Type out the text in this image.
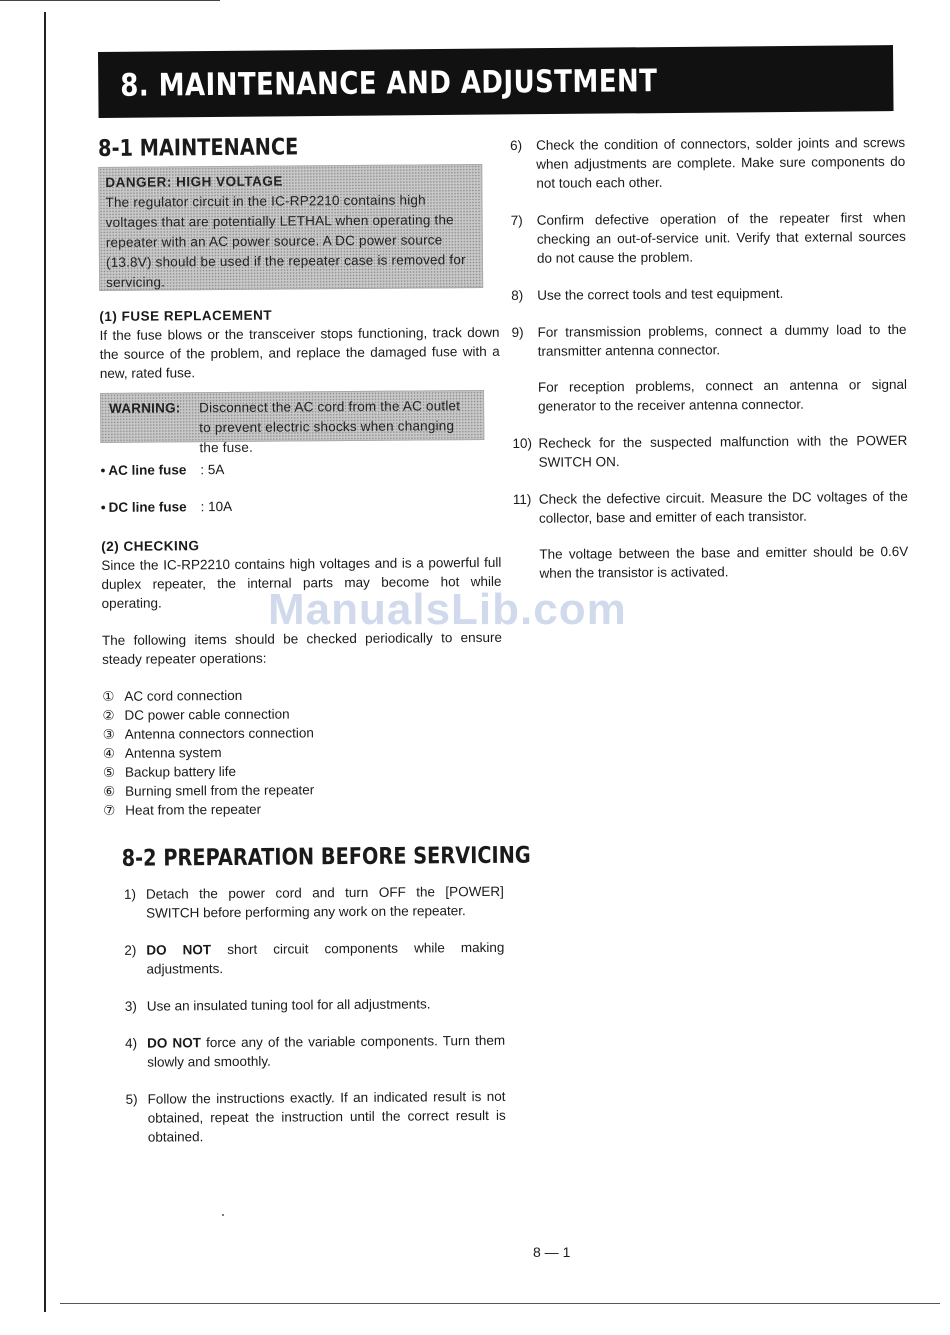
8. MAINTENANCE AND ADJUSTMENT
8-1 MAINTENANCE
DANGER: HIGH VOLTAGE
The regulator circuit in the IC-RP2210 contains high voltages that are potentially LETHAL when operating the repeater with an AC power source. A DC power source (13.8V) should be used if the repeater case is removed for servicing.
(1) FUSE REPLACEMENT

If the fuse blows or the transceiver stops functioning, track down the source of the problem, and replace the damaged fuse with a new, rated fuse.

WARNING:	Disconnect the AC cord from the AC outlet to prevent electric shocks when changing the fuse.
• AC line fuse : 5A
• DC line fuse : 10A
(2) CHECKING

Since the IC-RP2210 contains high voltages and is a powerful full duplex repeater, the internal parts may become hot while operating.

The following items should be checked periodically to ensure steady repeater operations:

① AC cord connection
② DC power cable connection
③ Antenna connectors connection
④ Antenna system
⑤ Backup battery life
⑥ Burning smell from the repeater
⑦ Heat from the repeater
8-2 PREPARATION BEFORE SERVICING
1) Detach the power cord and turn OFF the [POWER] SWITCH before performing any work on the repeater.
2) DO NOT short circuit components while making adjustments.
3) Use an insulated tuning tool for all adjustments.
4) DO NOT force any of the variable components. Turn them slowly and smoothly.
5) Follow the instructions exactly. If an indicated result is not obtained, repeat the instruction until the correct result is obtained.
6)	Check the condition of connectors, solder joints and screws when adjustments are complete. Make sure components do not touch each other.
7)	Confirm defective operation of the repeater first when checking an out-of-service unit. Verify that external sources do not cause the problem.
8)	Use the correct tools and test equipment.
9)	For transmission problems, connect a dummy load to the transmitter antenna connector.
For reception problems, connect an antenna or signal generator to the receiver antenna connector.
10) Recheck for the suspected malfunction with the POWER SWITCH ON.
11) Check the defective circuit. Measure the DC voltages of the collector, base and emitter of each transistor.
The voltage between the base and emitter should be 0.6V when the transistor is activated.
ManualsLib.com
8 — 1
